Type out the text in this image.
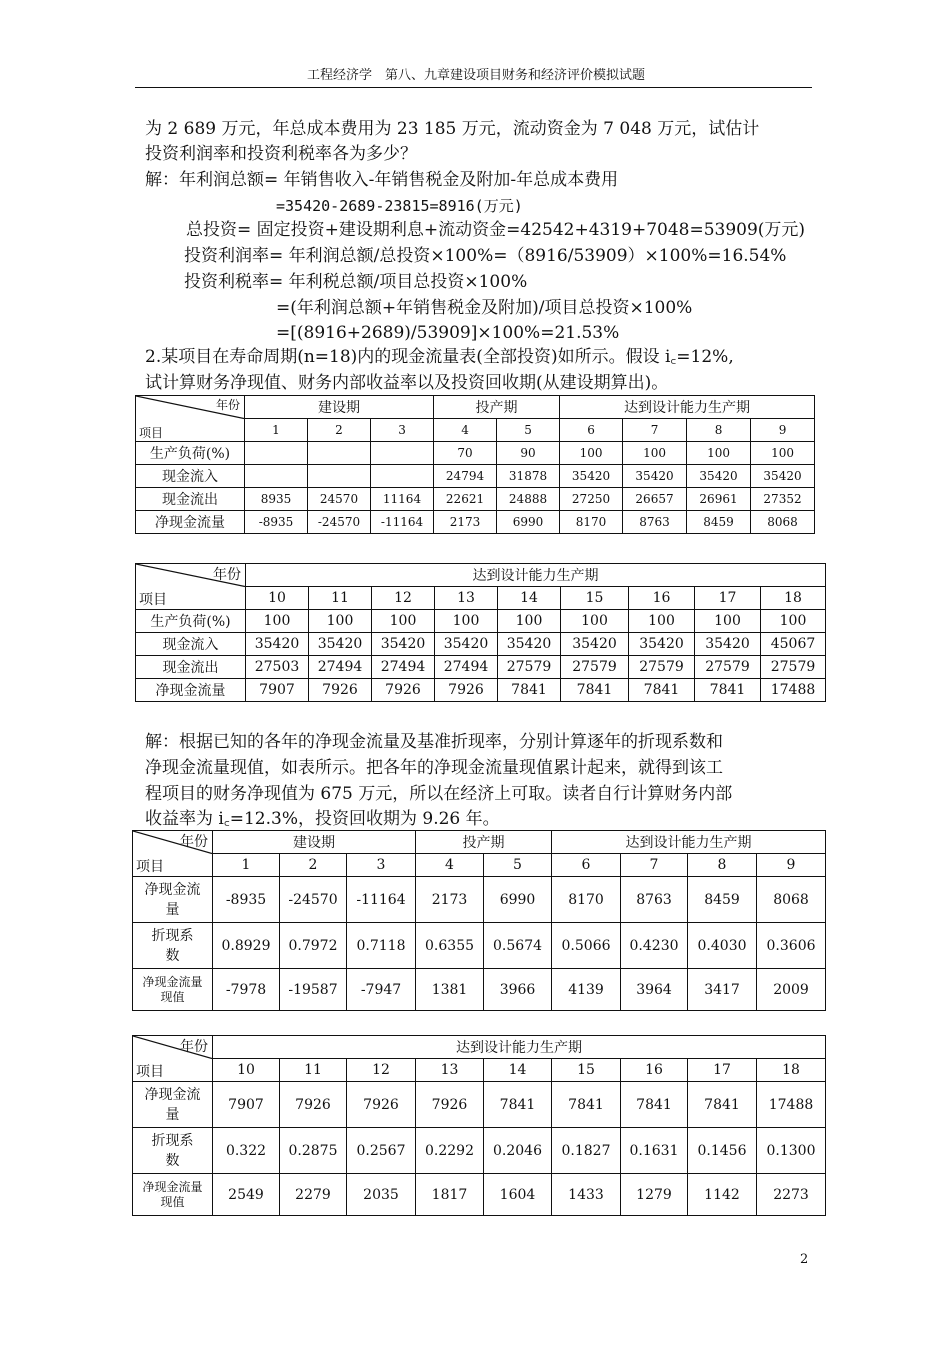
工程经济学　第八、九章建设项目财务和经济评价模拟试题
为 2 689 万元，年总成本费用为 23 185 万元，流动资金为 7 048 万元，试估计
投资利润率和投资利税率各为多少？
解：年利润总额= 年销售收入-年销售税金及附加-年总成本费用
=35420-2689-23815=8916(万元)
总投资= 固定投资+建设期利息+流动资金=42542+4319+7048=53909(万元)
投资利润率= 年利润总额/总投资×100%=（8916/53909）×100%=16.54%
投资利税率= 年利税总额/项目总投资×100%
=(年利润总额+年销售税金及附加)/项目总投资×100%
=[(8916+2689)/53909]×100%=21.53%
2.某项目在寿命周期(n=18)内的现金流量表(全部投资)如所示。假设 i꜀=12%,
试计算财务净现值、财务内部收益率以及投资回收期(从建设期算出)。
年份
项目	建设期			投产期		达到设计能力生产期			
	1	2	3	4	5	6	7	8	9
生产负荷(%)				70	90	100	100	100	100
现金流入				24794	31878	35420	35420	35420	35420
现金流出	8935	24570	11164	22621	24888	27250	26657	26961	27352
净现金流量	-8935	-24570	-11164	2173	6990	8170	8763	8459	8068
年份
项目	达到设计能力生产期								
	10	11	12	13	14	15	16	17	18
生产负荷(%)	100	100	100	100	100	100	100	100	100
现金流入	35420	35420	35420	35420	35420	35420	35420	35420	45067
现金流出	27503	27494	27494	27494	27579	27579	27579	27579	27579
净现金流量	7907	7926	7926	7926	7841	7841	7841	7841	17488
解：根据已知的各年的净现金流量及基准折现率，分别计算逐年的折现系数和
净现金流量现值，如表所示。把各年的净现金流量现值累计起来，就得到该工
程项目的财务净现值为 675 万元，所以在经济上可取。读者自行计算财务内部
收益率为 i꜀=12.3%，投资回收期为 9.26 年。
年份
项目	建设期			投产期		达到设计能力生产期			
	1	2	3	4	5	6	7	8	9
净现金流量	-8935	-24570	-11164	2173	6990	8170	8763	8459	8068
折现系数	0.8929	0.7972	0.7118	0.6355	0.5674	0.5066	0.4230	0.4030	0.3606
净现金流量现值	-7978	-19587	-7947	1381	3966	4139	3964	3417	2009
年份
项目	达到设计能力生产期								
	10	11	12	13	14	15	16	17	18
净现金流量	7907	7926	7926	7926	7841	7841	7841	7841	17488
折现系数	0.322	0.2875	0.2567	0.2292	0.2046	0.1827	0.1631	0.1456	0.1300
净现金流量现值	2549	2279	2035	1817	1604	1433	1279	1142	2273
2
